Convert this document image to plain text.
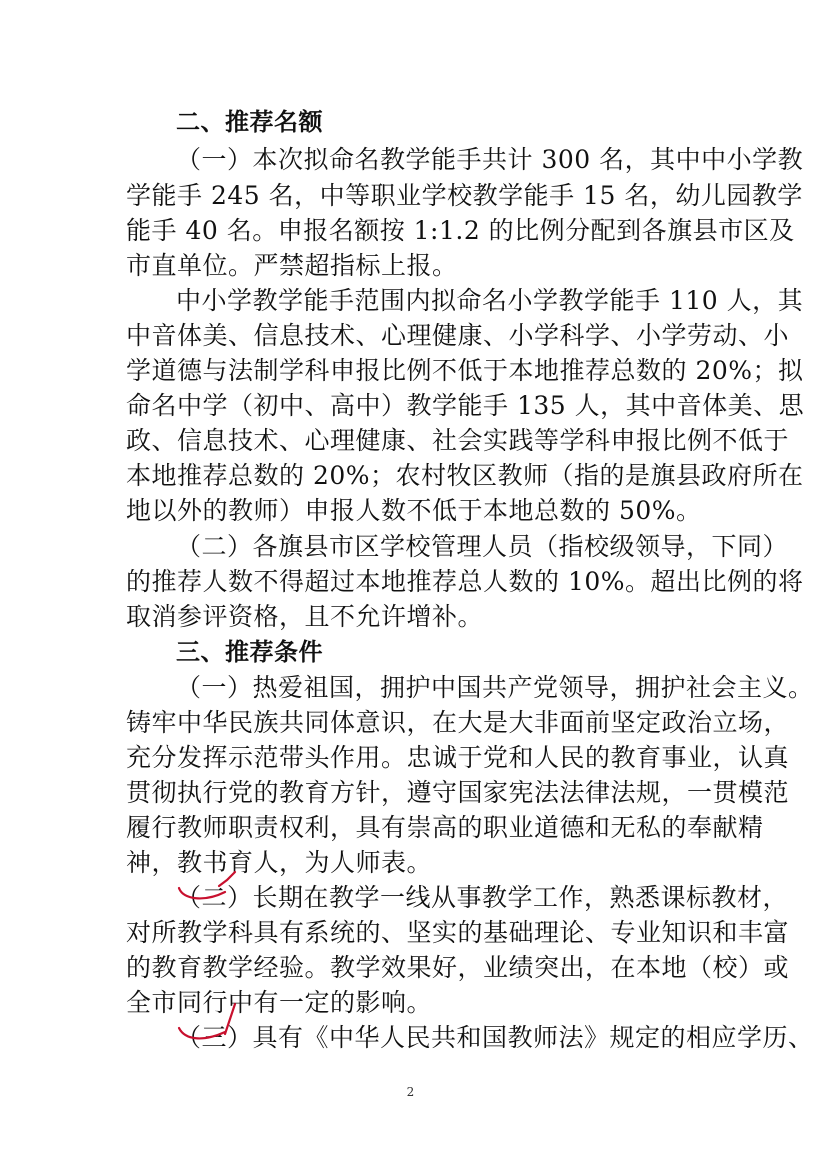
二、推荐名额
（一）本次拟命名教学能手共计 300 名，其中中小学教
学能手 245 名，中等职业学校教学能手 15 名，幼儿园教学
能手 40 名。申报名额按 1:1.2 的比例分配到各旗县市区及
市直单位。严禁超指标上报。
中小学教学能手范围内拟命名小学教学能手 110 人，其
中音体美、信息技术、心理健康、小学科学、小学劳动、小
学道德与法制学科申报比例不低于本地推荐总数的 20%；拟
命名中学（初中、高中）教学能手 135 人，其中音体美、思
政、信息技术、心理健康、社会实践等学科申报比例不低于
本地推荐总数的 20%；农村牧区教师（指的是旗县政府所在
地以外的教师）申报人数不低于本地总数的 50%。
（二）各旗县市区学校管理人员（指校级领导，下同）
的推荐人数不得超过本地推荐总人数的 10%。超出比例的将
取消参评资格，且不允许增补。
三、推荐条件
（一）热爱祖国，拥护中国共产党领导，拥护社会主义。
铸牢中华民族共同体意识，在大是大非面前坚定政治立场，
充分发挥示范带头作用。忠诚于党和人民的教育事业，认真
贯彻执行党的教育方针，遵守国家宪法法律法规，一贯模范
履行教师职责权利，具有崇高的职业道德和无私的奉献精
神，教书育人，为人师表。
（二）长期在教学一线从事教学工作，熟悉课标教材，
对所教学科具有系统的、坚实的基础理论、专业知识和丰富
的教育教学经验。教学效果好，业绩突出，在本地（校）或
全市同行中有一定的影响。
（三）具有《中华人民共和国教师法》规定的相应学历、
2
